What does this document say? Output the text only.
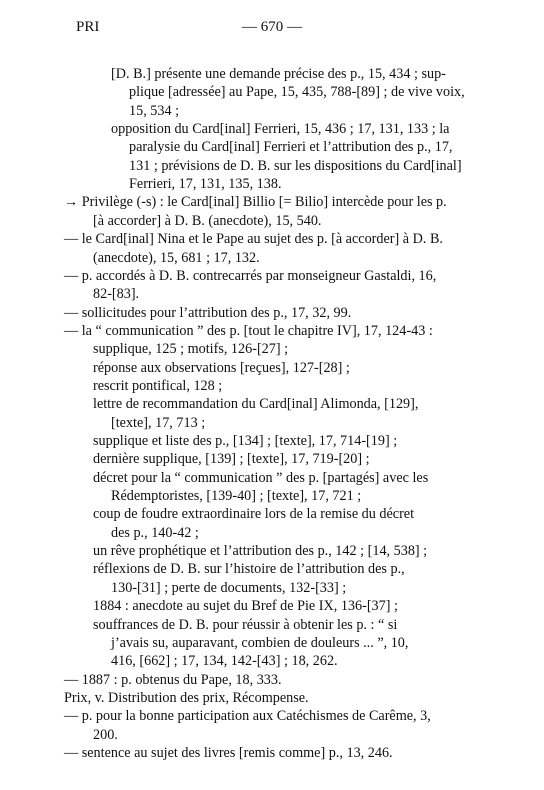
PRI	— 670 —
[D. B.] présente une demande précise des p., 15, 434 ; sup-
plique [adressée] au Pape, 15, 435, 788-[89] ; de vive voix,
15, 534 ;
opposition du Card[inal] Ferrieri, 15, 436 ; 17, 131, 133 ; la
paralysie du Card[inal] Ferrieri et l’attribution des p., 17,
131 ; prévisions de D. B. sur les dispositions du Card[inal]
Ferrieri, 17, 131, 135, 138.
→ Privilège (-s) : le Card[inal] Billio [= Bilio] intercède pour les p.
[à accorder] à D. B. (anecdote), 15, 540.
— le Card[inal] Nina et le Pape au sujet des p. [à accorder] à D. B.
(anecdote), 15, 681 ; 17, 132.
— p. accordés à D. B. contrecarrés par monseigneur Gastaldi, 16,
82-[83].
— sollicitudes pour l’attribution des p., 17, 32, 99.
— la “ communication ” des p. [tout le chapitre IV], 17, 124-43 :
supplique, 125 ; motifs, 126-[27] ;
réponse aux observations [reçues], 127-[28] ;
rescrit pontifical, 128 ;
lettre de recommandation du Card[inal] Alimonda, [129],
[texte], 17, 713 ;
supplique et liste des p., [134] ; [texte], 17, 714-[19] ;
dernière supplique, [139] ; [texte], 17, 719-[20] ;
décret pour la “ communication ” des p. [partagés] avec les
Rédemptoristes, [139-40] ; [texte], 17, 721 ;
coup de foudre extraordinaire lors de la remise du décret
des p., 140-42 ;
un rêve prophétique et l’attribution des p., 142 ; [14, 538] ;
réflexions de D. B. sur l’histoire de l’attribution des p.,
130-[31] ; perte de documents, 132-[33] ;
1884 : anecdote au sujet du Bref de Pie IX, 136-[37] ;
souffrances de D. B. pour réussir à obtenir les p. : “ si
j’avais su, auparavant, combien de douleurs ... ”, 10,
416, [662] ; 17, 134, 142-[43] ; 18, 262.
— 1887 : p. obtenus du Pape, 18, 333.
Prix, v. Distribution des prix, Récompense.
— p. pour la bonne participation aux Catéchismes de Carême, 3,
200.
— sentence au sujet des livres [remis comme] p., 13, 246.
